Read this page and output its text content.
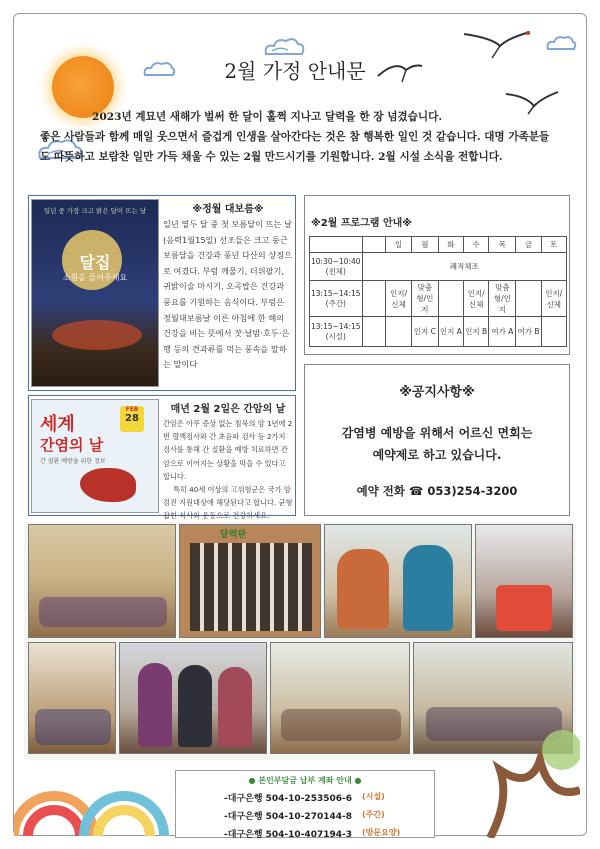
2월 가정 안내문

2023년 계묘년 새해가 벌써 한 달이 훌쩍 지나고 달력을 한 장 넘겼습니다.

좋은 사람들과 함께 매일 웃으면서 즐겁게 인생을 살아간다는 것은 참 행복한 일인 것 같습니다. 대명 가족분들도 따뜻하고 보람찬 일만 가득 채울 수 있는 2월 만드시기를 기원합니다. 2월 시설 소식을 전합니다.
일년 중 가장 크고 밝은 달이 뜨는 날
달집
소원을 들어주세요
※정월 대보름※
일년 열두 달 중 첫 보름달이 뜨는 날(음력1월15일) 선조들은 크고 둥근 보름달을 건강과 풍년 다산의 상징으로 여겼다. 부럼 깨물기, 더위팔기, 귀밝이술 마시기, 오곡밥은 건강과 풍요를 기원하는 음식이다. 부럼은 정월대보름날 이른 아침에 한 해의 건강을 비는 뜻에서 잣·날밤·호두·은행 등의 견과류를 먹는 풍속을 말하는 말이다
FEB
28
세계
간염의 날
간 질환 예방을 위한 정보
매년 2월 2일은 간암의 날
간암은 아무 증상 없는 침묵의 암 1년에 2번 혈액검사와 간 초음파 검사 등 2가지 검사를 통해 간 질환을 예방 치료하면 간암으로 이어지는 상황을 막을 수 있다고 합니다.
특히 40세 이상의 고위험군은 국가 암 검진 지원대상에 해당된다고 합니다. 균형 잡힌 식사와 운동으로 건강하세요.
※2월 프로그램 안내※
		일	월	화	수	목	금	토
10:30~10:40 (전체)	쾌적체조							
13:15~14:15 (주간)		인지/신체	맞춤형/인지		인지/신체	맞춤형/인지		인지/신체
13:15~14:15 (시설)			인지 C	인지 A	인지 B	여가 A	여가 B	
※공지사항※
감염병 예방을 위해서 어르신 면회는
예약제로 하고 있습니다.
예약 전화 ☎ 053)254-3200
달력판
● 본인부담금 납부 계좌 안내 ●
-대구은행 504-10-253506-6 (시설)
-대구은행 504-10-270144-8 (주간)
-대구은행 504-10-407194-3 (방문요양)
